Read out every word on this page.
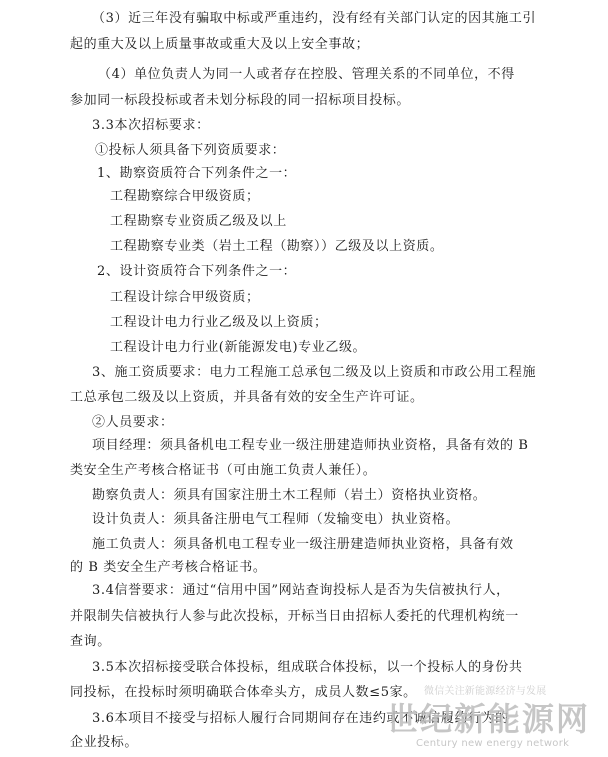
（3）近三年没有骗取中标或严重违约，没有经有关部门认定的因其施工引
起的重大及以上质量事故或重大及以上安全事故；
（4）单位负责人为同一人或者存在控股、管理关系的不同单位，不得
参加同一标段投标或者未划分标段的同一招标项目投标。
3.3本次招标要求：
①投标人须具备下列资质要求：
1、勘察资质符合下列条件之一：
工程勘察综合甲级资质；
工程勘察专业资质乙级及以上
工程勘察专业类（岩土工程（勘察））乙级及以上资质。
2、设计资质符合下列条件之一：
工程设计综合甲级资质；
工程设计电力行业乙级及以上资质；
工程设计电力行业(新能源发电)专业乙级。
3、施工资质要求：电力工程施工总承包二级及以上资质和市政公用工程施
工总承包二级及以上资质，并具备有效的安全生产许可证。
②人员要求：
项目经理：须具备机电工程专业一级注册建造师执业资格，具备有效的 B
类安全生产考核合格证书（可由施工负责人兼任）。
勘察负责人：须具有国家注册土木工程师（岩土）资格执业资格。
设计负责人：须具备注册电气工程师（发输变电）执业资格。
施工负责人：须具备机电工程专业一级注册建造师执业资格，具备有效
的 B 类安全生产考核合格证书。
3.4信誉要求：通过“信用中国”网站查询投标人是否为失信被执行人，
并限制失信被执行人参与此次投标，开标当日由招标人委托的代理机构统一
查询。
3.5本次招标接受联合体投标，组成联合体投标，以一个投标人的身份共
同投标，在投标时须明确联合体牵头方，成员人数≤5家。
3.6本项目不接受与招标人履行合同期间存在违约或不诚信履约行为的
企业投标。
微信关注新能源经济与发展
世纪新能源网
Century new energy network
